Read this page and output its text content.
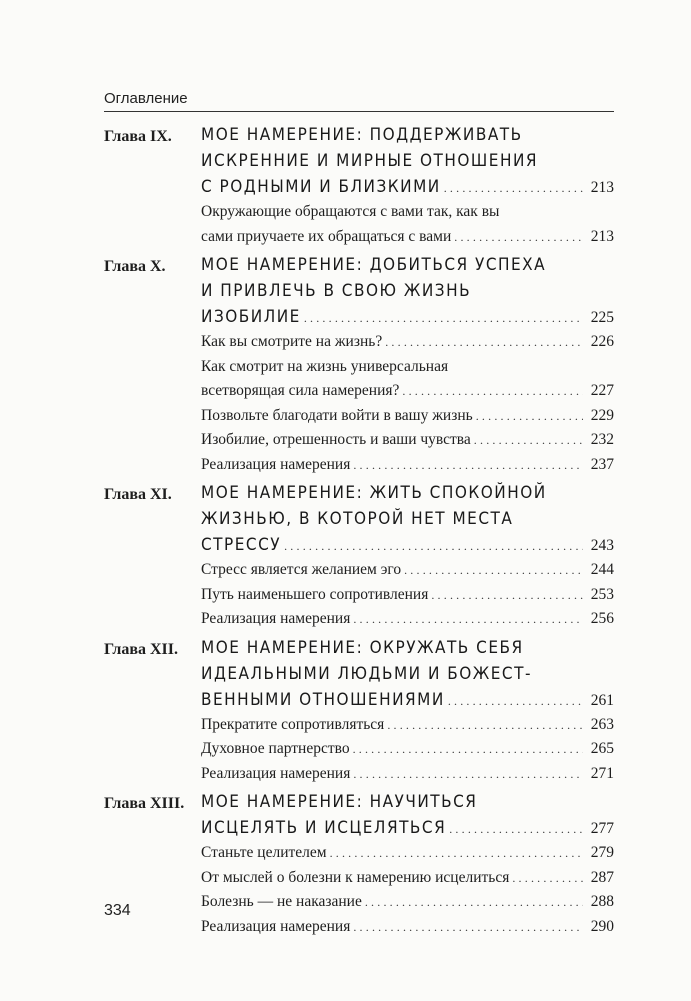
Оглавление
Глава IX.	МОЕ НАМЕРЕНИЕ: ПОДДЕРЖИВАТЬ
ИСКРЕННИЕ И МИРНЫЕ ОТНОШЕНИЯ
С РОДНЫМИ И БЛИЗКИМИ .....	213
Окружающие обращаются с вами так, как вы
сами приучаете их обращаться с вами .....	213
Глава X.	МОЕ НАМЕРЕНИЕ: ДОБИТЬСЯ УСПЕХА
И ПРИВЛЕЧЬ В СВОЮ ЖИЗНЬ
ИЗОБИЛИЕ .....	225
Как вы смотрите на жизнь? .....	226
Как смотрит на жизнь универсальная
всетворящая сила намерения? .....	227
Позвольте благодати войти в вашу жизнь .....	229
Изобилие, отрешенность и ваши чувства .....	232
Реализация намерения .....	237
Глава XI.	МОЕ НАМЕРЕНИЕ: ЖИТЬ СПОКОЙНОЙ
ЖИЗНЬЮ, В КОТОРОЙ НЕТ МЕСТА
СТРЕССУ .....	243
Стресс является желанием эго .....	244
Путь наименьшего сопротивления .....	253
Реализация намерения .....	256
Глава XII.	МОЕ НАМЕРЕНИЕ: ОКРУЖАТЬ СЕБЯ
ИДЕАЛЬНЫМИ ЛЮДЬМИ И БОЖЕСТ-
ВЕННЫМИ ОТНОШЕНИЯМИ .....	261
Прекратите сопротивляться .....	263
Духовное партнерство .....	265
Реализация намерения .....	271
Глава XIII. МОЕ НАМЕРЕНИЕ: НАУЧИТЬСЯ
ИСЦЕЛЯТЬ И ИСЦЕЛЯТЬСЯ .....	277
Станьте целителем .....	279
От мыслей о болезни к намерению исцелиться .....	287
Болезнь — не наказание .....	288
Реализация намерения .....	290
334
